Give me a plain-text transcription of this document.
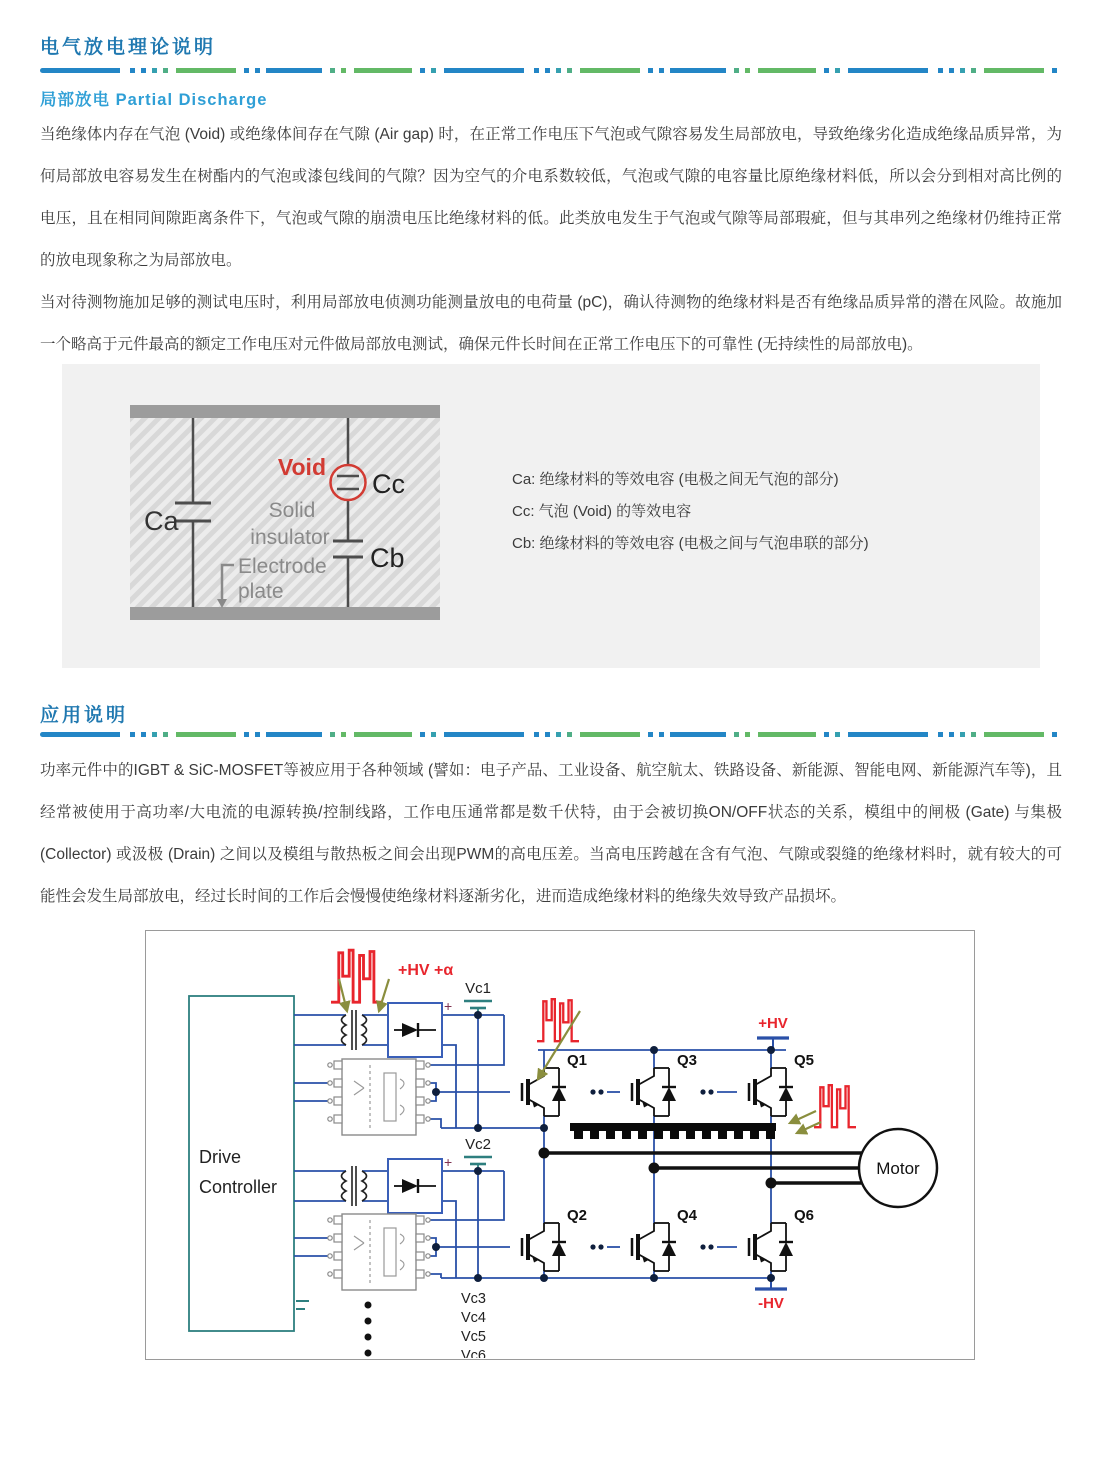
电气放电理论说明
局部放电 Partial Discharge
当绝缘体内存在气泡 (Void) 或绝缘体间存在气隙 (Air gap) 时，在正常工作电压下气泡或气隙容易发生局部放电，导致绝缘劣化造成绝缘品质异常，为何局部放电容易发生在树酯内的气泡或漆包线间的气隙？因为空气的介电系数较低，气泡或气隙的电容量比原绝缘材料低，所以会分到相对高比例的电压，且在相同间隙距离条件下，气泡或气隙的崩溃电压比绝缘材料的低。此类放电发生于气泡或气隙等局部瑕疵，但与其串列之绝缘材仍维持正常的放电现象称之为局部放电。
当对待测物施加足够的测试电压时，利用局部放电侦测功能测量放电的电荷量 (pC)，确认待测物的绝缘材料是否有绝缘品质异常的潜在风险。故施加一个略高于元件最高的额定工作电压对元件做局部放电测试，确保元件长时间在正常工作电压下的可靠性 (无持续性的局部放电)。
Ca
Void
Cc
Cb
Solid
insulator
Electrode
plate
Ca: 绝缘材料的等效电容 (电极之间无气泡的部分)
Cc: 气泡 (Void) 的等效电容
Cb: 绝缘材料的等效电容 (电极之间与气泡串联的部分)
应用说明
功率元件中的IGBT & SiC-MOSFET等被应用于各种领域 (譬如：电子产品、工业设备、航空航太、铁路设备、新能源、智能电网、新能源汽车等)，且经常被使用于高功率/大电流的电源转换/控制线路，工作电压通常都是数千伏特，由于会被切换ON/OFF状态的关系，模组中的闸极 (Gate) 与集极 (Collector) 或汲极 (Drain) 之间以及模组与散热板之间会出现PWM的高电压差。当高电压跨越在含有气泡、气隙或裂缝的绝缘材料时，就有较大的可能性会发生局部放电，经过长时间的工作后会慢慢使绝缘材料逐渐劣化，进而造成绝缘材料的绝缘失效导致产品损坏。
Drive
Controller
Motor
+HV +α
+HV
-HV
Vc1
Vc2
Q1	Q3	Q5
Q2	Q4	Q6
Vc3
Vc4
Vc5
Vc6
+
+
